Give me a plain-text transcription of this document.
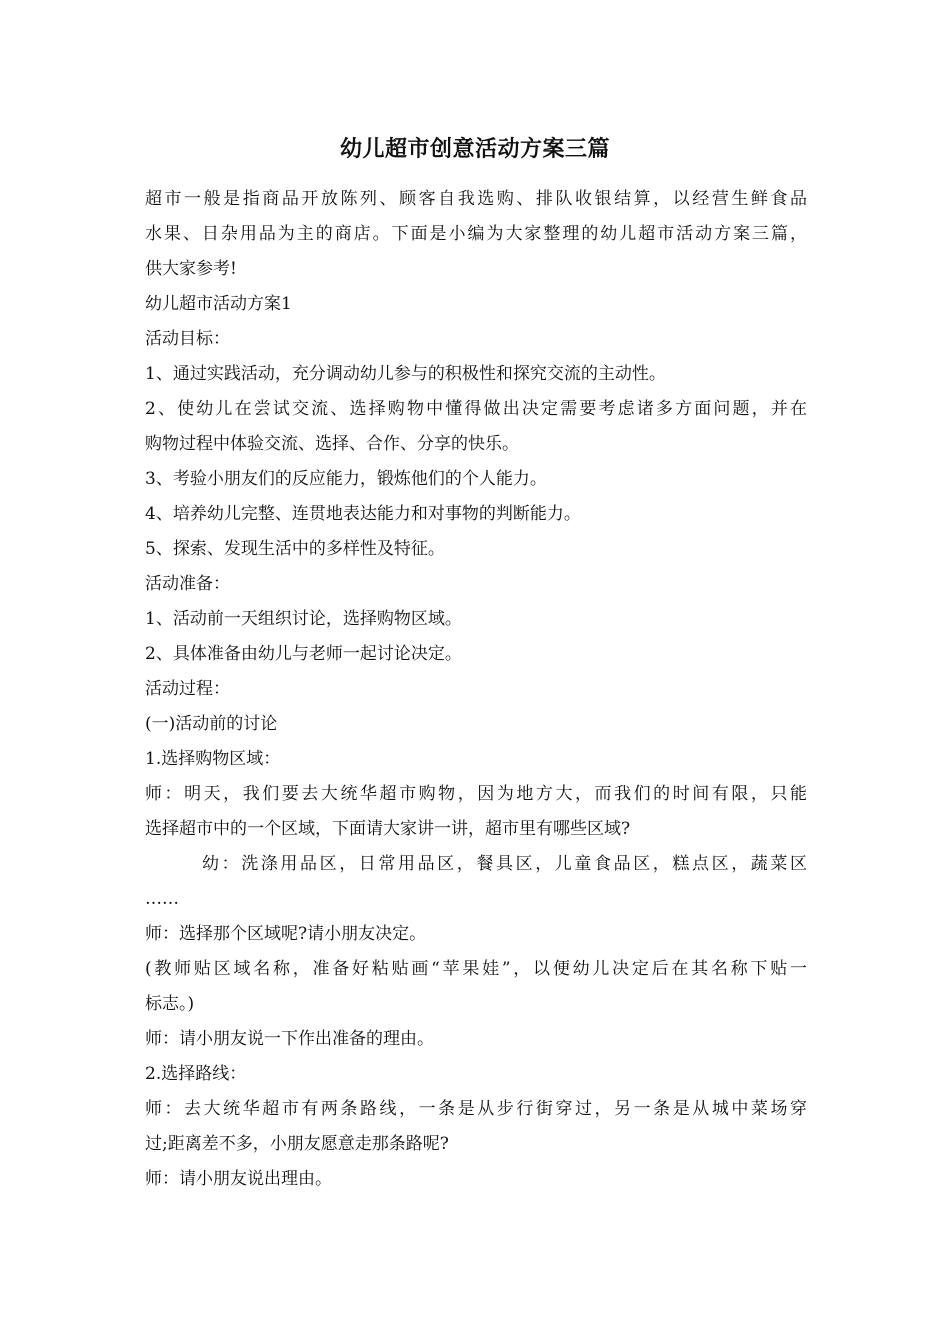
幼儿超市创意活动方案三篇
超市一般是指商品开放陈列、顾客自我选购、排队收银结算，以经营生鲜食品
水果、日杂用品为主的商店。下面是小编为大家整理的幼儿超市活动方案三篇，
供大家参考!
幼儿超市活动方案1
活动目标：
1、通过实践活动，充分调动幼儿参与的积极性和探究交流的主动性。
2、使幼儿在尝试交流、选择购物中懂得做出决定需要考虑诸多方面问题，并在
购物过程中体验交流、选择、合作、分享的快乐。
3、考验小朋友们的反应能力，锻炼他们的个人能力。
4、培养幼儿完整、连贯地表达能力和对事物的判断能力。
5、探索、发现生活中的多样性及特征。
活动准备：
1、活动前一天组织讨论，选择购物区域。
2、具体准备由幼儿与老师一起讨论决定。
活动过程：
(一)活动前的讨论
1.选择购物区域：
师：明天，我们要去大统华超市购物，因为地方大，而我们的时间有限，只能
选择超市中的一个区域，下面请大家讲一讲，超市里有哪些区域?
幼：洗涤用品区，日常用品区，餐具区，儿童食品区，糕点区，蔬菜区
……
师：选择那个区域呢?请小朋友决定。
(教师贴区域名称，准备好粘贴画“苹果娃”，以便幼儿决定后在其名称下贴一
标志。)
师：请小朋友说一下作出准备的理由。
2.选择路线：
师：去大统华超市有两条路线，一条是从步行街穿过，另一条是从城中菜场穿
过;距离差不多，小朋友愿意走那条路呢?
师：请小朋友说出理由。
